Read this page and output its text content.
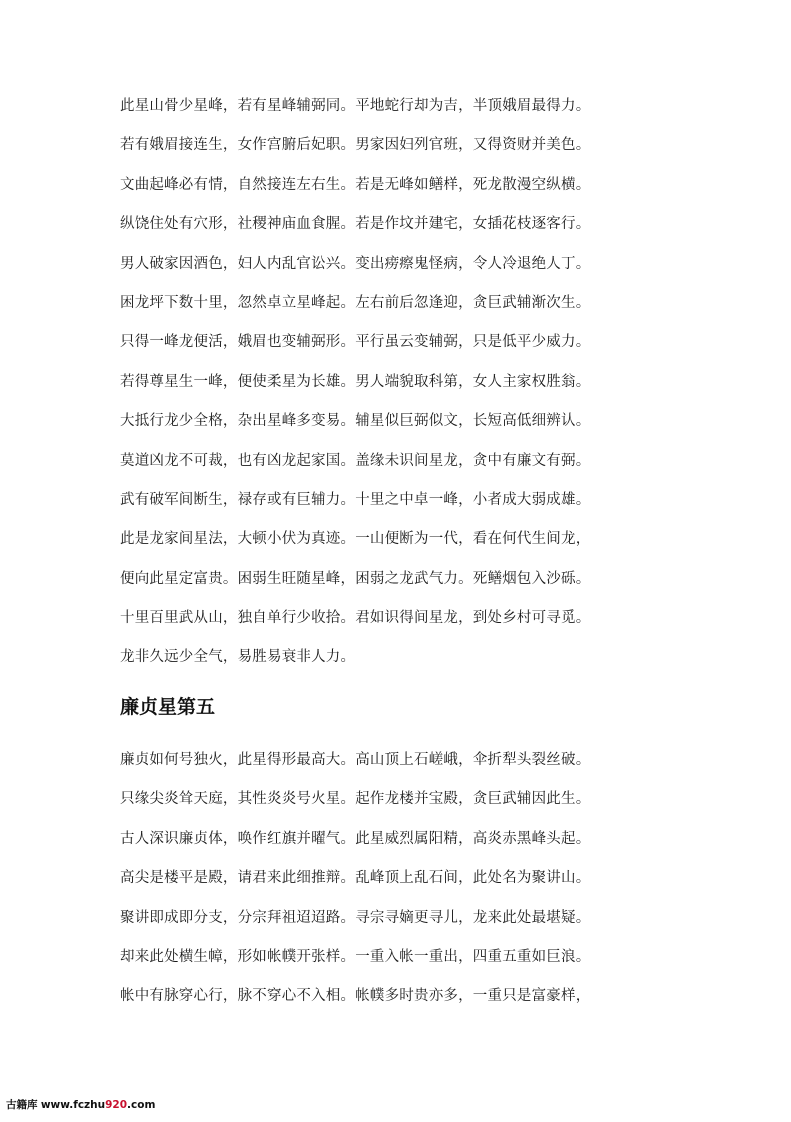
此星山骨少星峰，若有星峰辅弼同。平地蛇行却为吉，半顶娥眉最得力。
若有娥眉接连生，女作宫腑后妃职。男家因妇列官班，又得资财并美色。
文曲起峰必有情，自然接连左右生。若是无峰如鳝样，死龙散漫空纵横。
纵饶住处有穴形，社稷神庙血食腥。若是作坟并建宅，女插花枝逐客行。
男人破家因酒色，妇人内乱官讼兴。变出痨瘵鬼怪病，令人冷退绝人丁。
困龙坪下数十里，忽然卓立星峰起。左右前后忽逢迎，贪巨武辅渐次生。
只得一峰龙便活，娥眉也变辅弼形。平行虽云变辅弼，只是低平少威力。
若得尊星生一峰，便使柔星为长雄。男人端貌取科第，女人主家权胜翁。
大抵行龙少全格，杂出星峰多变易。辅星似巨弼似文，长短高低细辨认。
莫道凶龙不可裁，也有凶龙起家国。盖缘未识间星龙，贪中有廉文有弼。
武有破军间断生，禄存或有巨辅力。十里之中卓一峰，小者成大弱成雄。
此是龙家间星法，大顿小伏为真迹。一山便断为一代，看在何代生间龙，
便向此星定富贵。困弱生旺随星峰，困弱之龙武气力。死鳝烟包入沙砾。
十里百里武从山，独自单行少收拾。君如识得间星龙，到处乡村可寻觅。
龙非久远少全气，易胜易衰非人力。
廉贞星第五
廉贞如何号独火，此星得形最高大。高山顶上石嵯峨，伞折犁头裂丝破。
只缘尖炎耸天庭，其性炎炎号火星。起作龙楼并宝殿，贪巨武辅因此生。
古人深识廉贞体，唤作红旗并曜气。此星威烈属阳精，高炎赤黑峰头起。
高尖是楼平是殿，请君来此细推辩。乱峰顶上乱石间，此处名为聚讲山。
聚讲即成即分支，分宗拜祖迢迢路。寻宗寻嫡更寻儿，龙来此处最堪疑。
却来此处横生幛，形如帐幞开张样。一重入帐一重出，四重五重如巨浪。
帐中有脉穿心行，脉不穿心不入相。帐幞多时贵亦多，一重只是富豪样，
古籍库 www.fczhu920.com
